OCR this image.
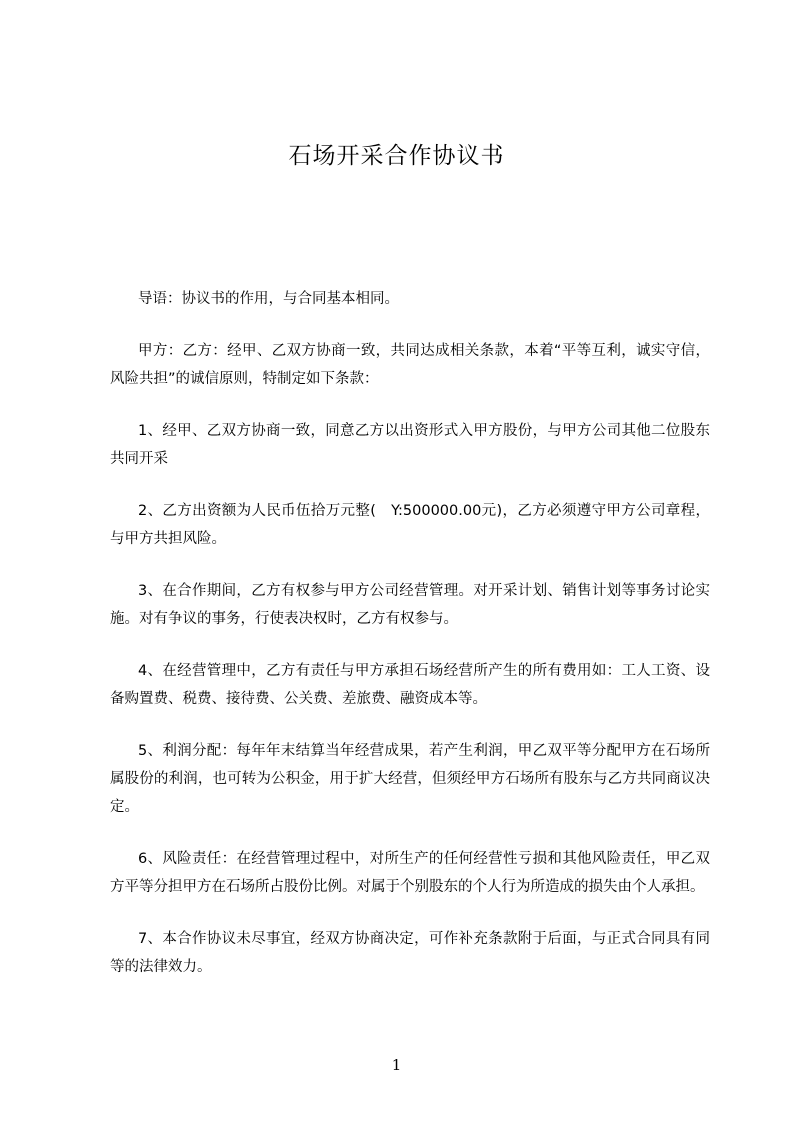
石场开采合作协议书

导语：协议书的作用，与合同基本相同。

甲方：乙方：经甲、乙双方协商一致，共同达成相关条款，本着“平等互利，诚实守信，风险共担”的诚信原则，特制定如下条款：

1、经甲、乙双方协商一致，同意乙方以出资形式入甲方股份，与甲方公司其他二位股东共同开采

2、乙方出资额为人民币伍拾万元整(　Y:500000.00元)，乙方必须遵守甲方公司章程，与甲方共担风险。

3、在合作期间，乙方有权参与甲方公司经营管理。对开采计划、销售计划等事务讨论实施。对有争议的事务，行使表决权时，乙方有权参与。

4、在经营管理中，乙方有责任与甲方承担石场经营所产生的所有费用如：工人工资、设备购置费、税费、接待费、公关费、差旅费、融资成本等。

5、利润分配：每年年末结算当年经营成果，若产生利润，甲乙双平等分配甲方在石场所属股份的利润，也可转为公积金，用于扩大经营，但须经甲方石场所有股东与乙方共同商议决定。

6、风险责任：在经营管理过程中，对所生产的任何经营性亏损和其他风险责任，甲乙双方平等分担甲方在石场所占股份比例。对属于个别股东的个人行为所造成的损失由个人承担。

7、本合作协议未尽事宜，经双方协商决定，可作补充条款附于后面，与正式合同具有同等的法律效力。

1
